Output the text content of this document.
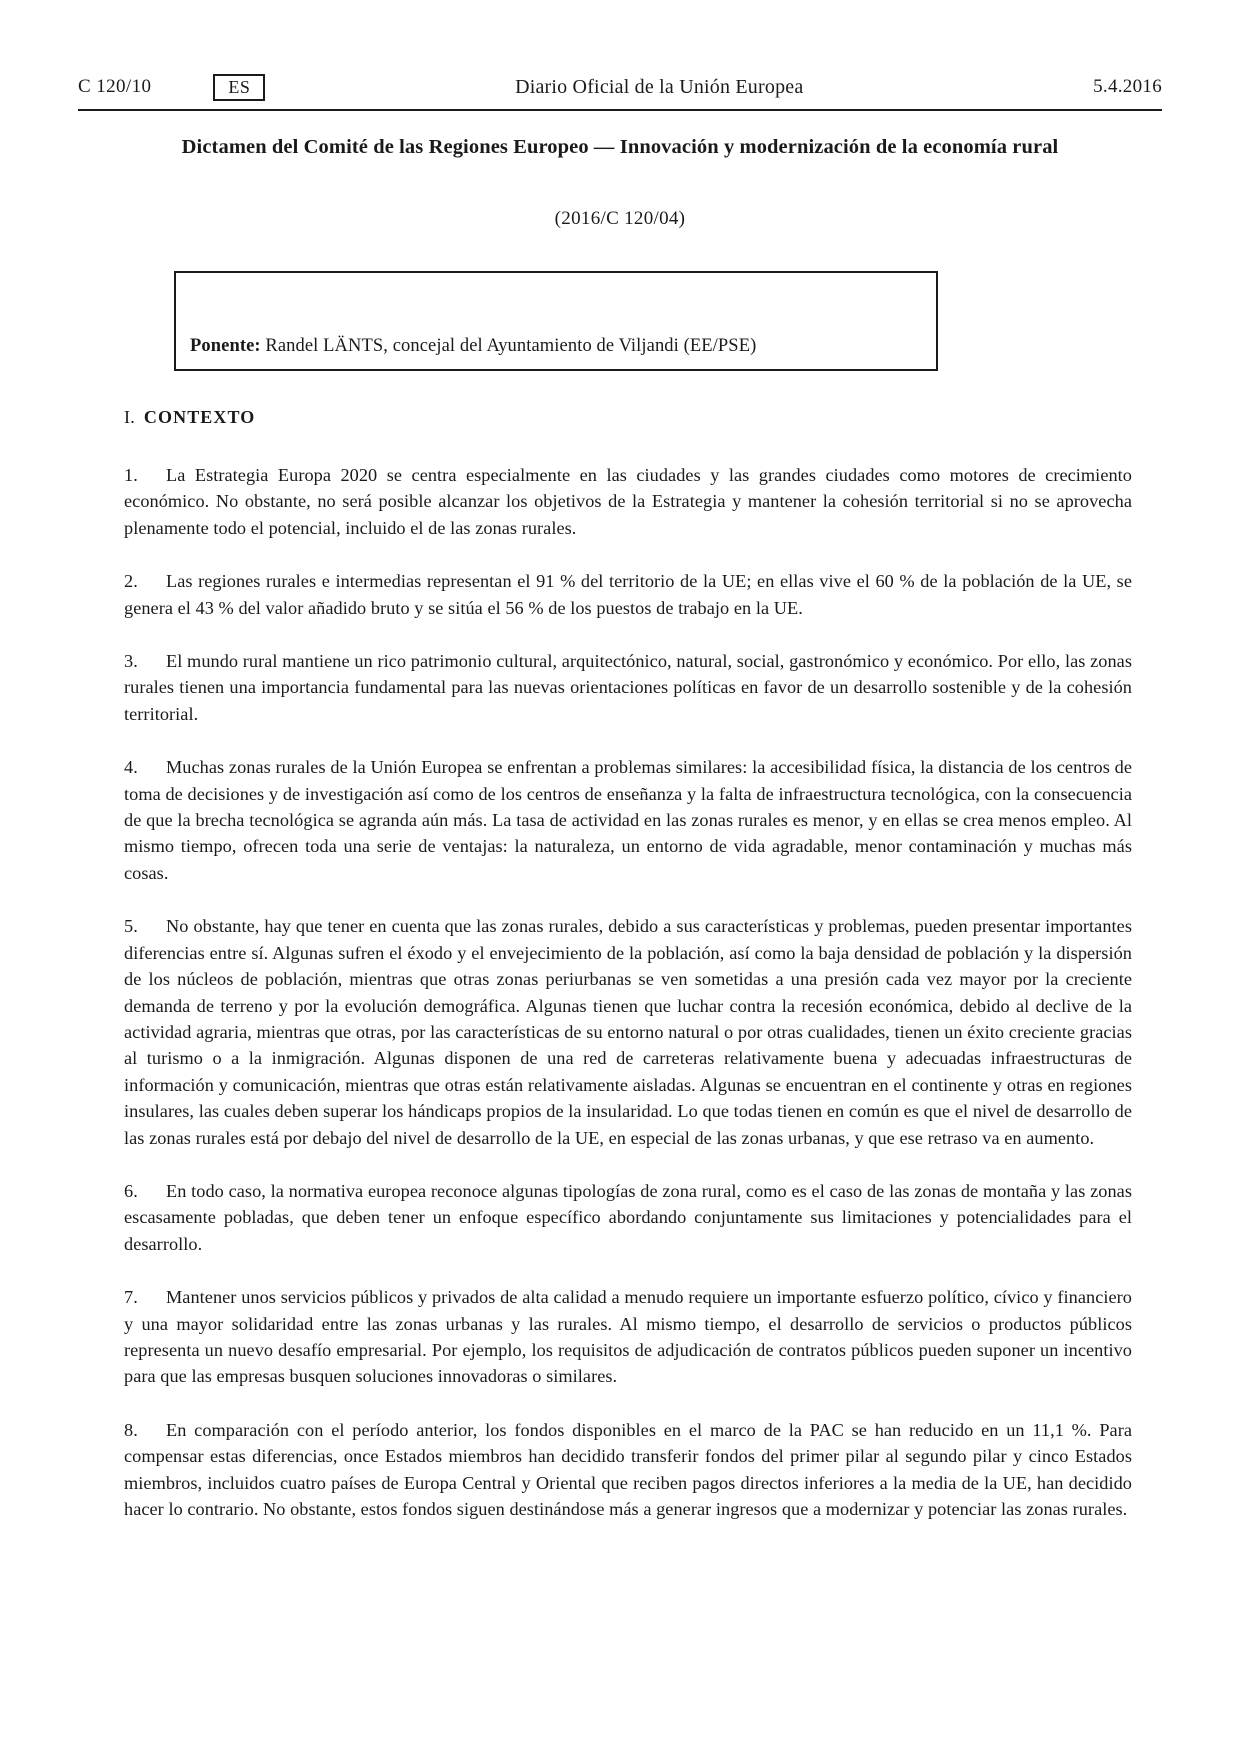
C 120/10	ES	Diario Oficial de la Unión Europea	5.4.2016
Dictamen del Comité de las Regiones Europeo — Innovación y modernización de la economía rural
(2016/C 120/04)
Ponente: Randel LÄNTS, concejal del Ayuntamiento de Viljandi (EE/PSE)
I. CONTEXTO

1. La Estrategia Europa 2020 se centra especialmente en las ciudades y las grandes ciudades como motores de crecimiento económico. No obstante, no será posible alcanzar los objetivos de la Estrategia y mantener la cohesión territorial si no se aprovecha plenamente todo el potencial, incluido el de las zonas rurales.

2. Las regiones rurales e intermedias representan el 91 % del territorio de la UE; en ellas vive el 60 % de la población de la UE, se genera el 43 % del valor añadido bruto y se sitúa el 56 % de los puestos de trabajo en la UE.

3. El mundo rural mantiene un rico patrimonio cultural, arquitectónico, natural, social, gastronómico y económico. Por ello, las zonas rurales tienen una importancia fundamental para las nuevas orientaciones políticas en favor de un desarrollo sostenible y de la cohesión territorial.

4. Muchas zonas rurales de la Unión Europea se enfrentan a problemas similares: la accesibilidad física, la distancia de los centros de toma de decisiones y de investigación así como de los centros de enseñanza y la falta de infraestructura tecnológica, con la consecuencia de que la brecha tecnológica se agranda aún más. La tasa de actividad en las zonas rurales es menor, y en ellas se crea menos empleo. Al mismo tiempo, ofrecen toda una serie de ventajas: la naturaleza, un entorno de vida agradable, menor contaminación y muchas más cosas.

5. No obstante, hay que tener en cuenta que las zonas rurales, debido a sus características y problemas, pueden presentar importantes diferencias entre sí. Algunas sufren el éxodo y el envejecimiento de la población, así como la baja densidad de población y la dispersión de los núcleos de población, mientras que otras zonas periurbanas se ven sometidas a una presión cada vez mayor por la creciente demanda de terreno y por la evolución demográfica. Algunas tienen que luchar contra la recesión económica, debido al declive de la actividad agraria, mientras que otras, por las características de su entorno natural o por otras cualidades, tienen un éxito creciente gracias al turismo o a la inmigración. Algunas disponen de una red de carreteras relativamente buena y adecuadas infraestructuras de información y comunicación, mientras que otras están relativamente aisladas. Algunas se encuentran en el continente y otras en regiones insulares, las cuales deben superar los hándicaps propios de la insularidad. Lo que todas tienen en común es que el nivel de desarrollo de las zonas rurales está por debajo del nivel de desarrollo de la UE, en especial de las zonas urbanas, y que ese retraso va en aumento.

6. En todo caso, la normativa europea reconoce algunas tipologías de zona rural, como es el caso de las zonas de montaña y las zonas escasamente pobladas, que deben tener un enfoque específico abordando conjuntamente sus limitaciones y potencialidades para el desarrollo.

7. Mantener unos servicios públicos y privados de alta calidad a menudo requiere un importante esfuerzo político, cívico y financiero y una mayor solidaridad entre las zonas urbanas y las rurales. Al mismo tiempo, el desarrollo de servicios o productos públicos representa un nuevo desafío empresarial. Por ejemplo, los requisitos de adjudicación de contratos públicos pueden suponer un incentivo para que las empresas busquen soluciones innovadoras o similares.

8. En comparación con el período anterior, los fondos disponibles en el marco de la PAC se han reducido en un 11,1 %. Para compensar estas diferencias, once Estados miembros han decidido transferir fondos del primer pilar al segundo pilar y cinco Estados miembros, incluidos cuatro países de Europa Central y Oriental que reciben pagos directos inferiores a la media de la UE, han decidido hacer lo contrario. No obstante, estos fondos siguen destinándose más a generar ingresos que a modernizar y potenciar las zonas rurales.
